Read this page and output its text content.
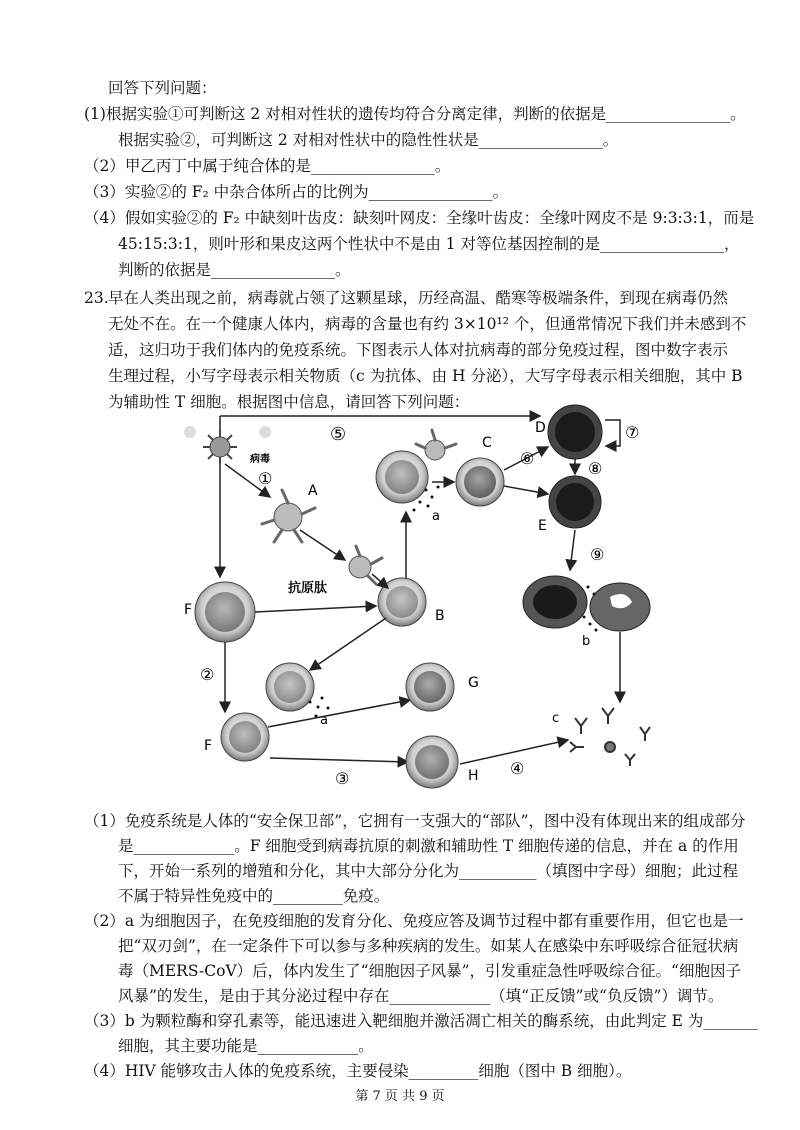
回答下列问题：
(1)根据实验①可判断这 2 对相对性状的遗传均符合分离定律，判断的依据是________________。
根据实验②，可判断这 2 对相对性状中的隐性性状是________________。
（2）甲乙丙丁中属于纯合体的是________________。
（3）实验②的 F₂ 中杂合体所占的比例为________________。
（4）假如实验②的 F₂ 中缺刻叶齿皮：缺刻叶网皮：全缘叶齿皮：全缘叶网皮不是 9:3:3:1，而是
45:15:3:1，则叶形和果皮这两个性状中不是由 1 对等位基因控制的是________________，
判断的依据是________________。
23. 早在人类出现之前，病毒就占领了这颗星球，历经高温、酷寒等极端条件，到现在病毒仍然
无处不在。在一个健康人体内，病毒的含量也有约 3×10¹² 个，但通常情况下我们并未感到不
适，这归功于我们体内的免疫系统。下图表示人体对抗病毒的部分免疫过程，图中数字表示
生理过程，小写字母表示相关物质（c 为抗体、由 H 分泌），大写字母表示相关细胞，其中 B
为辅助性 T 细胞。根据图中信息，请回答下列问题：
病毒
⑤
①
A
抗原肽
F
②
B
a
C
⑥
D	⑦
⑧
E
⑨
b
a
F
③
G
H ④
c
（1）免疫系统是人体的“安全保卫部”，它拥有一支强大的“部队”，图中没有体现出来的组成部分
是_____________。F 细胞受到病毒抗原的刺激和辅助性 T 细胞传递的信息，并在 a 的作用
下，开始一系列的增殖和分化，其中大部分分化为__________（填图中字母）细胞；此过程
不属于特异性免疫中的_________免疫。
（2）a 为细胞因子，在免疫细胞的发育分化、免疫应答及调节过程中都有重要作用，但它也是一
把“双刃剑”，在一定条件下可以参与多种疾病的发生。如某人在感染中东呼吸综合征冠状病
毒（MERS-CoV）后，体内发生了“细胞因子风暴”，引发重症急性呼吸综合征。“细胞因子
风暴”的发生，是由于其分泌过程中存在_____________（填“正反馈”或“负反馈”）调节。
（3）b 为颗粒酶和穿孔素等，能迅速进入靶细胞并激活凋亡相关的酶系统，由此判定 E 为_______
细胞，其主要功能是_____________。
（4）HIV 能够攻击人体的免疫系统，主要侵染_________细胞（图中 B 细胞）。
第 7 页 共 9 页
